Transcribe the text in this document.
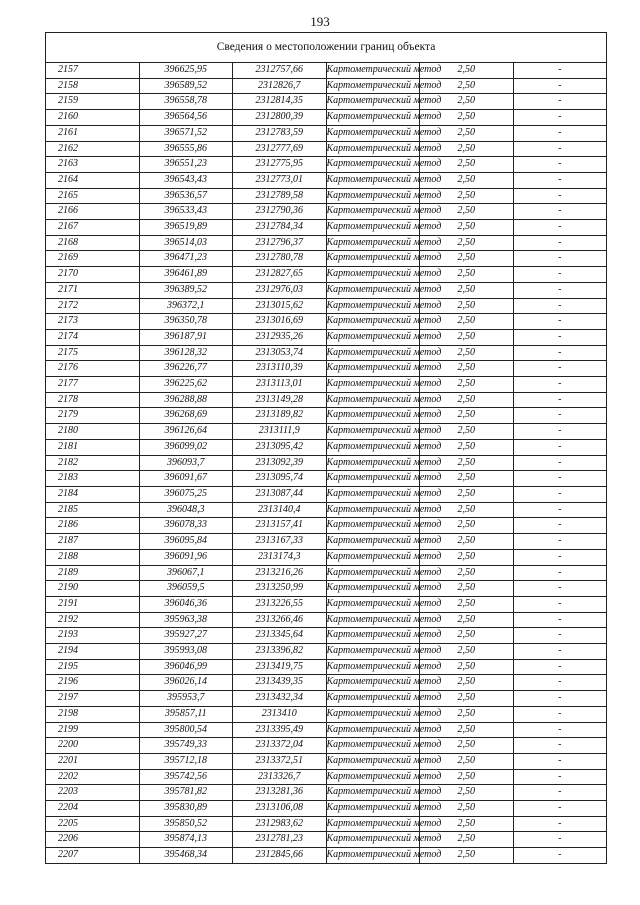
193
Сведения о местоположении границ объекта					
2157	396625,95	2312757,66	Картометрический метод	2,50	-
2158	396589,52	2312826,7	Картометрический метод	2,50	-
2159	396558,78	2312814,35	Картометрический метод	2,50	-
2160	396564,56	2312800,39	Картометрический метод	2,50	-
2161	396571,52	2312783,59	Картометрический метод	2,50	-
2162	396555,86	2312777,69	Картометрический метод	2,50	-
2163	396551,23	2312775,95	Картометрический метод	2,50	-
2164	396543,43	2312773,01	Картометрический метод	2,50	-
2165	396536,57	2312789,58	Картометрический метод	2,50	-
2166	396533,43	2312790,36	Картометрический метод	2,50	-
2167	396519,89	2312784,34	Картометрический метод	2,50	-
2168	396514,03	2312796,37	Картометрический метод	2,50	-
2169	396471,23	2312780,78	Картометрический метод	2,50	-
2170	396461,89	2312827,65	Картометрический метод	2,50	-
2171	396389,52	2312976,03	Картометрический метод	2,50	-
2172	396372,1	2313015,62	Картометрический метод	2,50	-
2173	396350,78	2313016,69	Картометрический метод	2,50	-
2174	396187,91	2312935,26	Картометрический метод	2,50	-
2175	396128,32	2313053,74	Картометрический метод	2,50	-
2176	396226,77	2313110,39	Картометрический метод	2,50	-
2177	396225,62	2313113,01	Картометрический метод	2,50	-
2178	396288,88	2313149,28	Картометрический метод	2,50	-
2179	396268,69	2313189,82	Картометрический метод	2,50	-
2180	396126,64	2313111,9	Картометрический метод	2,50	-
2181	396099,02	2313095,42	Картометрический метод	2,50	-
2182	396093,7	2313092,39	Картометрический метод	2,50	-
2183	396091,67	2313095,74	Картометрический метод	2,50	-
2184	396075,25	2313087,44	Картометрический метод	2,50	-
2185	396048,3	2313140,4	Картометрический метод	2,50	-
2186	396078,33	2313157,41	Картометрический метод	2,50	-
2187	396095,84	2313167,33	Картометрический метод	2,50	-
2188	396091,96	2313174,3	Картометрический метод	2,50	-
2189	396067,1	2313216,26	Картометрический метод	2,50	-
2190	396059,5	2313250,99	Картометрический метод	2,50	-
2191	396046,36	2313226,55	Картометрический метод	2,50	-
2192	395963,38	2313266,46	Картометрический метод	2,50	-
2193	395927,27	2313345,64	Картометрический метод	2,50	-
2194	395993,08	2313396,82	Картометрический метод	2,50	-
2195	396046,99	2313419,75	Картометрический метод	2,50	-
2196	396026,14	2313439,35	Картометрический метод	2,50	-
2197	395953,7	2313432,34	Картометрический метод	2,50	-
2198	395857,11	2313410	Картометрический метод	2,50	-
2199	395800,54	2313395,49	Картометрический метод	2,50	-
2200	395749,33	2313372,04	Картометрический метод	2,50	-
2201	395712,18	2313372,51	Картометрический метод	2,50	-
2202	395742,56	2313326,7	Картометрический метод	2,50	-
2203	395781,82	2313281,36	Картометрический метод	2,50	-
2204	395830,89	2313106,08	Картометрический метод	2,50	-
2205	395850,52	2312983,62	Картометрический метод	2,50	-
2206	395874,13	2312781,23	Картометрический метод	2,50	-
2207	395468,34	2312845,66	Картометрический метод	2,50	-
